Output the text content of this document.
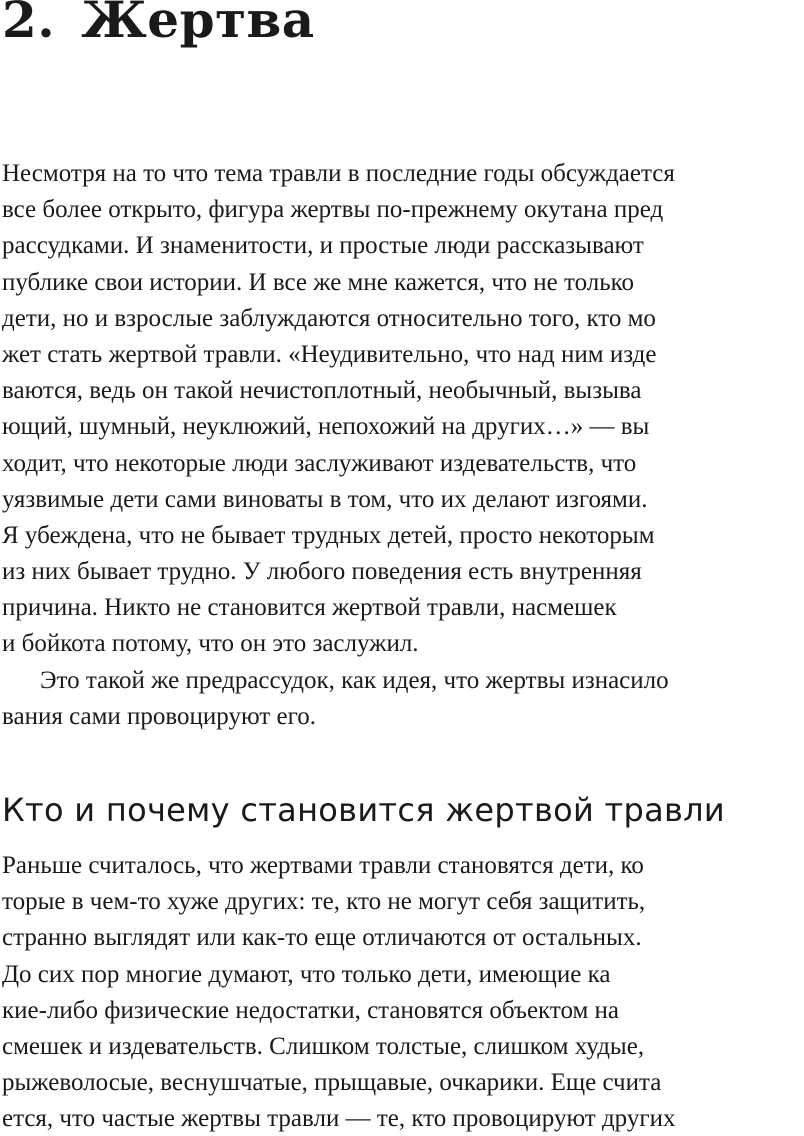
2. Жертва
Несмотря на то что тема травли в последние годы обсуждается
все более открыто, фигура жертвы по-прежнему окутана пред
рассудками. И знаменитости, и простые люди рассказывают
публике свои истории. И все же мне кажется, что не только
дети, но и взрослые заблуждаются относительно того, кто мо
жет стать жертвой травли. «Неудивительно, что над ним изде
ваются, ведь он такой нечистоплотный, необычный, вызыва
ющий, шумный, неуклюжий, непохожий на других…» — вы
ходит, что некоторые люди заслуживают издевательств, что
уязвимые дети сами виноваты в том, что их делают изгоями.
Я убеждена, что не бывает трудных детей, просто некоторым
из них бывает трудно. У любого поведения есть внутренняя
причина. Никто не становится жертвой травли, насмешек
и бойкота потому, что он это заслужил.
Это такой же предрассудок, как идея, что жертвы изнасило
вания сами провоцируют его.
Кто и почему становится жертвой травли
Раньше считалось, что жертвами травли становятся дети, ко
торые в чем-то хуже других: те, кто не могут себя защитить,
странно выглядят или как-то еще отличаются от остальных.
До сих пор многие думают, что только дети, имеющие ка
кие-либо физические недостатки, становятся объектом на
смешек и издевательств. Слишком толстые, слишком худые,
рыжеволосые, веснушчатые, прыщавые, очкарики. Еще счита
ется, что частые жертвы травли — те, кто провоцируют других
